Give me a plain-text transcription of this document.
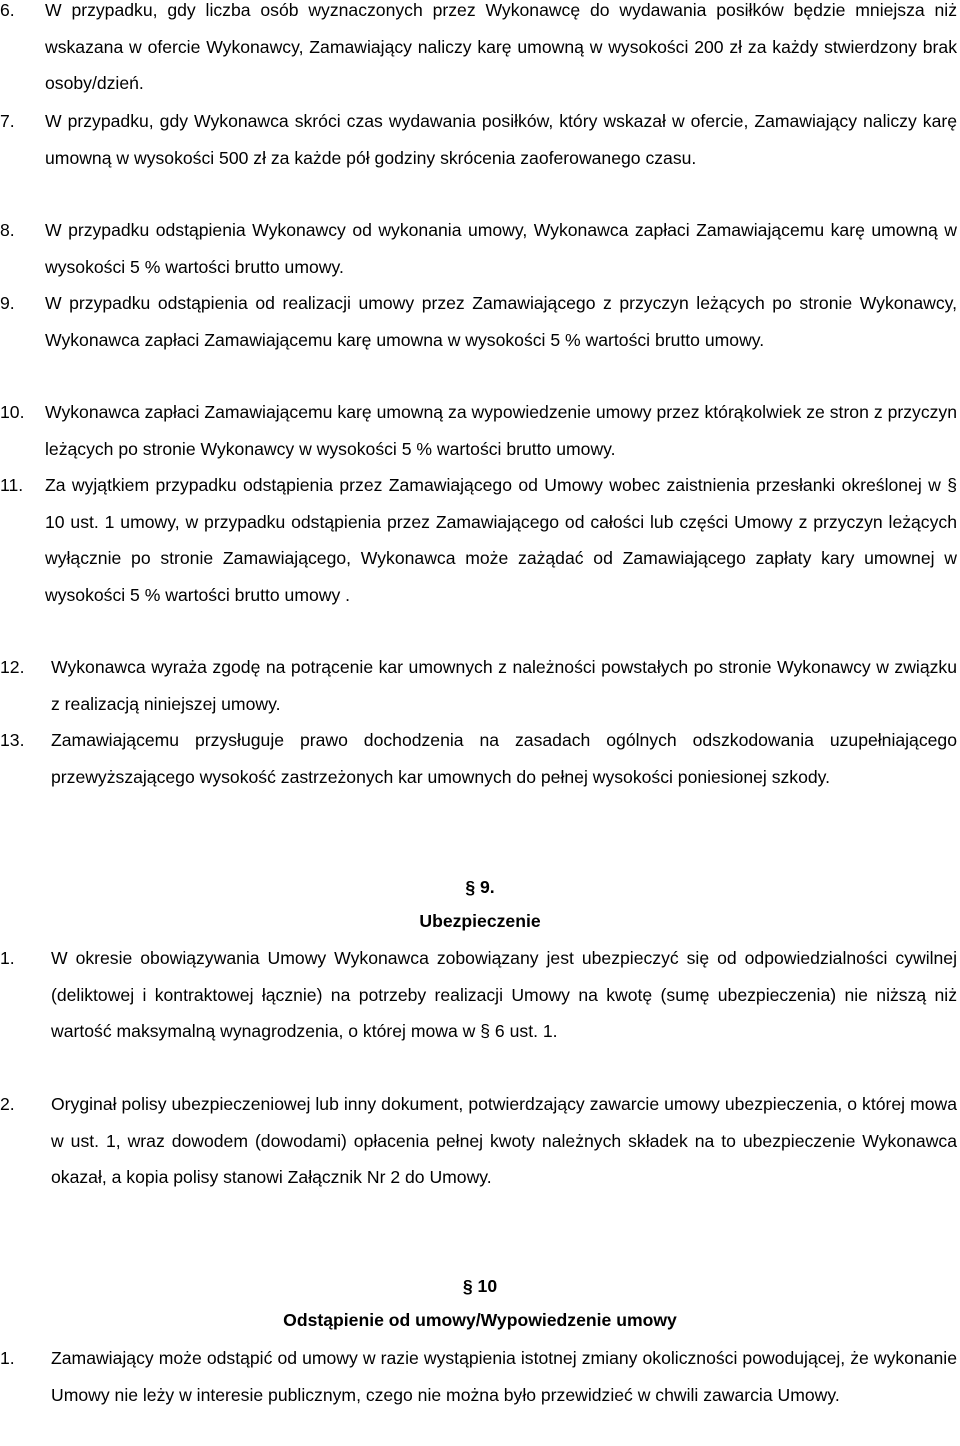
6. W przypadku, gdy liczba osób wyznaczonych przez Wykonawcę do wydawania posiłków będzie mniejsza niż wskazana w ofercie Wykonawcy, Zamawiający naliczy karę umowną w wysokości 200 zł za każdy stwierdzony brak osoby/dzień.
7. W przypadku, gdy Wykonawca skróci czas wydawania posiłków, który wskazał w ofercie, Zamawiający naliczy karę umowną w wysokości 500 zł za każde pół godziny skrócenia zaoferowanego czasu.
8. W przypadku odstąpienia Wykonawcy od wykonania umowy, Wykonawca zapłaci Zamawiającemu karę umowną w wysokości 5 % wartości brutto umowy.
9. W przypadku odstąpienia od realizacji umowy przez Zamawiającego z przyczyn leżących po stronie Wykonawcy, Wykonawca zapłaci Zamawiającemu karę umowna w wysokości 5 % wartości brutto umowy.
10. Wykonawca zapłaci Zamawiającemu karę umowną za wypowiedzenie umowy przez którąkolwiek ze stron z przyczyn leżących po stronie Wykonawcy w wysokości 5 % wartości brutto umowy.
11. Za wyjątkiem przypadku odstąpienia przez Zamawiającego od Umowy wobec zaistnienia przesłanki określonej w § 10 ust. 1 umowy, w przypadku odstąpienia przez Zamawiającego od całości lub części Umowy z przyczyn leżących wyłącznie po stronie Zamawiającego, Wykonawca może zażądać od Zamawiającego zapłaty kary umownej w wysokości 5 % wartości brutto umowy .
12. Wykonawca wyraża zgodę na potrącenie kar umownych z należności powstałych po stronie Wykonawcy w związku z realizacją niniejszej umowy.
13. Zamawiającemu przysługuje prawo dochodzenia na zasadach ogólnych odszkodowania uzupełniającego przewyższającego wysokość zastrzeżonych kar umownych do pełnej wysokości poniesionej szkody.
§ 9.
Ubezpieczenie
1. W okresie obowiązywania Umowy Wykonawca zobowiązany jest ubezpieczyć się od odpowiedzialności cywilnej (deliktowej i kontraktowej łącznie) na potrzeby realizacji Umowy na kwotę (sumę ubezpieczenia) nie niższą niż wartość maksymalną wynagrodzenia, o której mowa w § 6 ust. 1.
2. Oryginał polisy ubezpieczeniowej lub inny dokument, potwierdzający zawarcie umowy ubezpieczenia, o której mowa w ust. 1, wraz dowodem (dowodami) opłacenia pełnej kwoty należnych składek na to ubezpieczenie Wykonawca okazał, a kopia polisy stanowi Załącznik Nr 2 do Umowy.
§ 10
Odstąpienie od umowy/Wypowiedzenie umowy
1. Zamawiający może odstąpić od umowy w razie wystąpienia istotnej zmiany okoliczności powodującej, że wykonanie Umowy nie leży w interesie publicznym, czego nie można było przewidzieć w chwili zawarcia Umowy.
